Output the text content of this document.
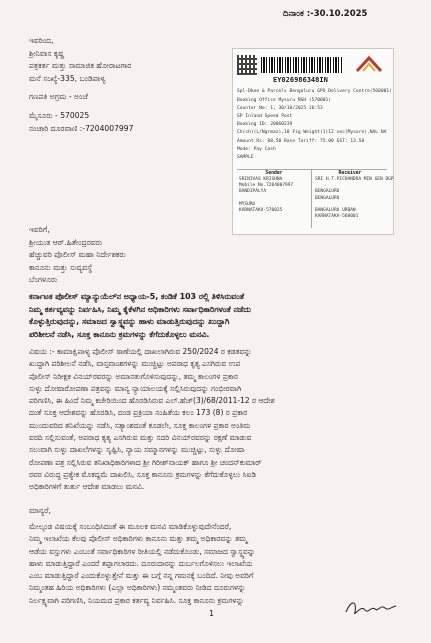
ದಿನಾಂಕ :-30.10.2025
ಇವರಿಂದ,
ಶ್ರೀನಿವಾಸ ಕೃಷ್ಣ
ಪತ್ರಕರ್ತ ಮತ್ತು ಸಾಮಾಜಿಕ ಹೋರಾಟಗಾರ
ಮನೆ ಸಂಖ್ಯೆ-335, ಬಂಡಿಪಾಳ್ಯ
ಗಣಪತಿ ಅಗ್ರಮ - ಅಂಚೆ
ಮೈಸೂರು - 570025
ಸಂಚಾರಿ ದೂರವಾಣಿ :-7204007997
EY026986348IN
Spl-Dkee & Parcels Bengaluru GPO Delivery Centre(560001)
Booking Office Mysuru NSH (570001)
Counter No: 1, 30/10/2025 16:53
SP Inland Speed Post
Booking ID: 20860239
Ch(sh)(L/Ngrmaz),10 Fig Weight(1)12 sec(Mysore),NAL NA
Amount Rs: 88.50 Base Tariff: 75.00 GST: 13.50
Mode: Pay Cash
SAMPLE
Sender
SRINIVAS KRISHNA
Mobile No.7204007997
BANDIPALYA

MYSURU
KARNATAKA-570025
Receiver
SRI H.T.PICHANDRA MIN GEN DGP

BENGALURU
BENGALURU

BANGALURU URBAN
KARNATAKA-560001
ಇವರಿಗೆ,
ಶ್ರೀಯುತ ಆರ್.ಹಿತೇಂದ್ರರವರು
ಹೆಚ್ಚುವರಿ ಪೊಲೀಸ್ ಮಹಾ ನಿರ್ದೇಶಕರು
ಕಾನೂನು ಮತ್ತು ಸುವ್ಯವಸ್ಥೆ
ಬೆಂಗಳೂರು
ಕರ್ನಾಟಕ ಪೊಲೀಸ್ ಮ್ಯಾನ್ಯುಯೆಲ್‌ನ ಅಧ್ಯಾಯ-5, ಕಂಡಿಕೆ 103 ರಲ್ಲಿ ತಿಳಿಸಿರುವಂತೆ
ನಿಮ್ಮ ಕರ್ತವ್ಯವನ್ನು ನಿರ್ವಹಿಸಿ, ನಿಮ್ಮ ಕೈಕೆಳಗಿನ ಅಧಿಕಾರಿಗಳು ಸರ್ವಾಧಿಕಾರಿಗಳಂತೆ ನಡೆದು
ಕೊಳ್ಳುತ್ತಿರುವುದನ್ನು, ಸಮಾಜದ ಸ್ವಾಸ್ಥ್ಯವನ್ನು ಹಾಳು ಮಾಡುತ್ತಿರುವುದನ್ನು ಖುದ್ದಾಗಿ
ಪರಿಶೀಲನೆ ನಡೆಸಿ, ಸೂಕ್ತ ಕಾನೂನು ಕ್ರಮಗಳನ್ನು ಕೆಗೆದುಕೊಳ್ಳಲು ಮನವಿ.
ವಿಷಯ :- ಕಾಮಾಕ್ಷಿಪಾಳ್ಯ ಪೊಲೀಸ್ ಠಾಣೆಯಲ್ಲಿ ದಾಖಲಾಗಿರುವ 250/2024 ರ ಕಡತವನ್ನು
ಖುದ್ದಾಗಿ ಪರಿಶೀಲನೆ ನಡೆಸಿ, ವಾಸ್ತವಾಂಶಗಳನ್ನು ಮುಚ್ಚಿಟ್ಟು ಅಪರಾಧ ಕೃತ್ಯ ಎಸಗಿರುವ ಉಪ
ಪೊಲೀಸ್ ನಿರೀಕ್ಷಕ ವಿನಯ್‌ರವರನ್ನು ಅಮಾನತುಗೊಳಿಸುವುದನ್ನು, ತಮ್ಮ ಕಾಲಂಗಳ ಪ್ರಕಾರ
ಸುಳ್ಳು ದೋಷಾರೋಪಣಾ ಪತ್ರವನ್ನು ಮಾನ್ಯ ನ್ಯಾಯಾಲಯಕ್ಕೆ ಸಲ್ಲಿಸಿರುವುದನ್ನು ಗಂಭೀರವಾಗಿ
ಪರಿಗಣಿಸಿ, ಈ ಹಿಂದೆ ನಿಮ್ಮ ಕಚೇರಿಯಿಂದ ಹೊರಡಿಸಿರುವ ಎಲ್.ಹೆಚ್(3)/68/2011-12 ರ ಆದೇಶ
ದಂತೆ ಸೂಕ್ತ ಆದೇಶವನ್ನು ಹೊರಡಿಸಿ, ದಂಡ ಪ್ರಕ್ರಿಯಾ ಸಂಹಿತೆಯ ಕಲಂ 173 (8) ರ ಪ್ರಕಾರ
ಮುಂದುವರಿದ ತನಿಖೆಯನ್ನು ನಡೆಸಿ, ಸತ್ಯಾಂಶದಂತೆ ಕೂಡಲೇ, ಸೂಕ್ತ ಕಾಲಂಗಳ ಪ್ರಕಾರ ಅಂತಿಮ
ವರದಿ ಸಲ್ಲಿಸುವಂತೆ, ಅಪರಾಧ ಕೃತ್ಯ ಎಸಗಿರುವ ಮತ್ತು ಸದರಿ ವಿನಯ್‌ರವರನ್ನು ರಕ್ಷಣೆ ಮಾಡುವ
ಸಲುವಾಗಿ ಸುಳ್ಳು ದಾಖಲೆಗಳನ್ನು ಸೃಷ್ಟಿಸಿ, ನ್ಯಾಯ ಸಮ್ಮಾನಗಳನ್ನು ಮುಚ್ಚಿಟ್ಟು, ಸುಳ್ಳು ದೋಷಾ
ರೋಪಣಾ ಪತ್ರ ಸಲ್ಲಿಸಿರುವ ತನಿಖಾಧಿಕಾರಿಗಳಾದ ಶ್ರೀ ಗಿರೀಶ್‌ನಾಯಕ್ ಹಾಗೂ ಶ್ರೀ ಚಂದನ್‌ಕುಮಾರ್
ರವರ ವಿರುದ್ಧ ಪ್ರತ್ಯೇಕ ಮೊಕದ್ದಮೆ ದಾಖಲಿಸಿ, ಸೂಕ್ತ ಕಾನೂನು ಕ್ರಮಗಳನ್ನು ಕೆಗೆದುಕೊಳ್ಳಲು ಸಿಐಡಿ
ಅಧಿಕಾರಿಗಳಿಗೆ ತುರ್ತು ಆದೇಶ ಮಾಡಲು ಮನವಿ.
ಮಾನ್ಯರೆ,
ಮೇಲ್ಕಂಡ ವಿಷಯಕ್ಕೆ ಸಂಬಂಧಿಸಿದಂತೆ ಈ ಮೂಲಕ ಮನವಿ ಮಾಡಿಕೊಳ್ಳುವುದೇನೆಂದರೆ,
ನಿಮ್ಮ ಇಲಾಖೆಯ ಕೆಲವು ಪೊಲೀಸ್ ಅಧಿಕಾರಿಗಳು ಕಾನೂನು ಮತ್ತು ತಮ್ಮ ಅಧಿಕಾರವನ್ನು ತಮ್ಮ
ಆಡೆಯ ವಸ್ತುಗಳು ಎಂಬಂತೆ ಸರ್ವಾಧಿಕಾರಿಗಳ ರೀತಿಯಲ್ಲಿ ನಡೆದುಕೊಂಡು, ಸಮಾಜದ ಸ್ವಾಸ್ಥ್ಯವನ್ನು
ಹಾಳು ಮಾಡುತ್ತಿದ್ದಾರೆ ಎಂದರೆ ತಪ್ಪಾಗಲಾರದು. ದೂರುದಾರನ್ನು ದುರ್ಬಲಗೊಳಿಸಲು ಇಲಾಖೆಯ
ಎಂಬ ಮಾಡುತ್ತಿದ್ದಾರೆ ಎಂದುಕೊಳ್ಳುತ್ತೇನೆ ಮತ್ತು ಈ ಬಗ್ಗೆ ನನ್ನ ಗಮನಕ್ಕೆ ಬಂದಿದೆ. ನೀವು ಅವರಿಗೆ
ನಿಮ್ಮಂತಹ ಹಿರಿಯ ಅಧಿಕಾರಿಗಳು (ಎಲ್ಲಾ ಅಧಿಕಾರಿಗಳು) ನಮ್ಮಂತವರು ನೀಡಿದ ದೂರುಗಳನ್ನು
ನಿರ್ಲಕ್ಷ್ಯವಾಗಿ ಪರಿಗಣಿಸಿ, ನಿಯಮದ ಪ್ರಕಾರ ಕರ್ತವ್ಯ ನಿರ್ವಹಿಸಿ. ಸೂಕ್ತ ಕಾನೂನು ಕ್ರಮಗಳನ್ನು
1
